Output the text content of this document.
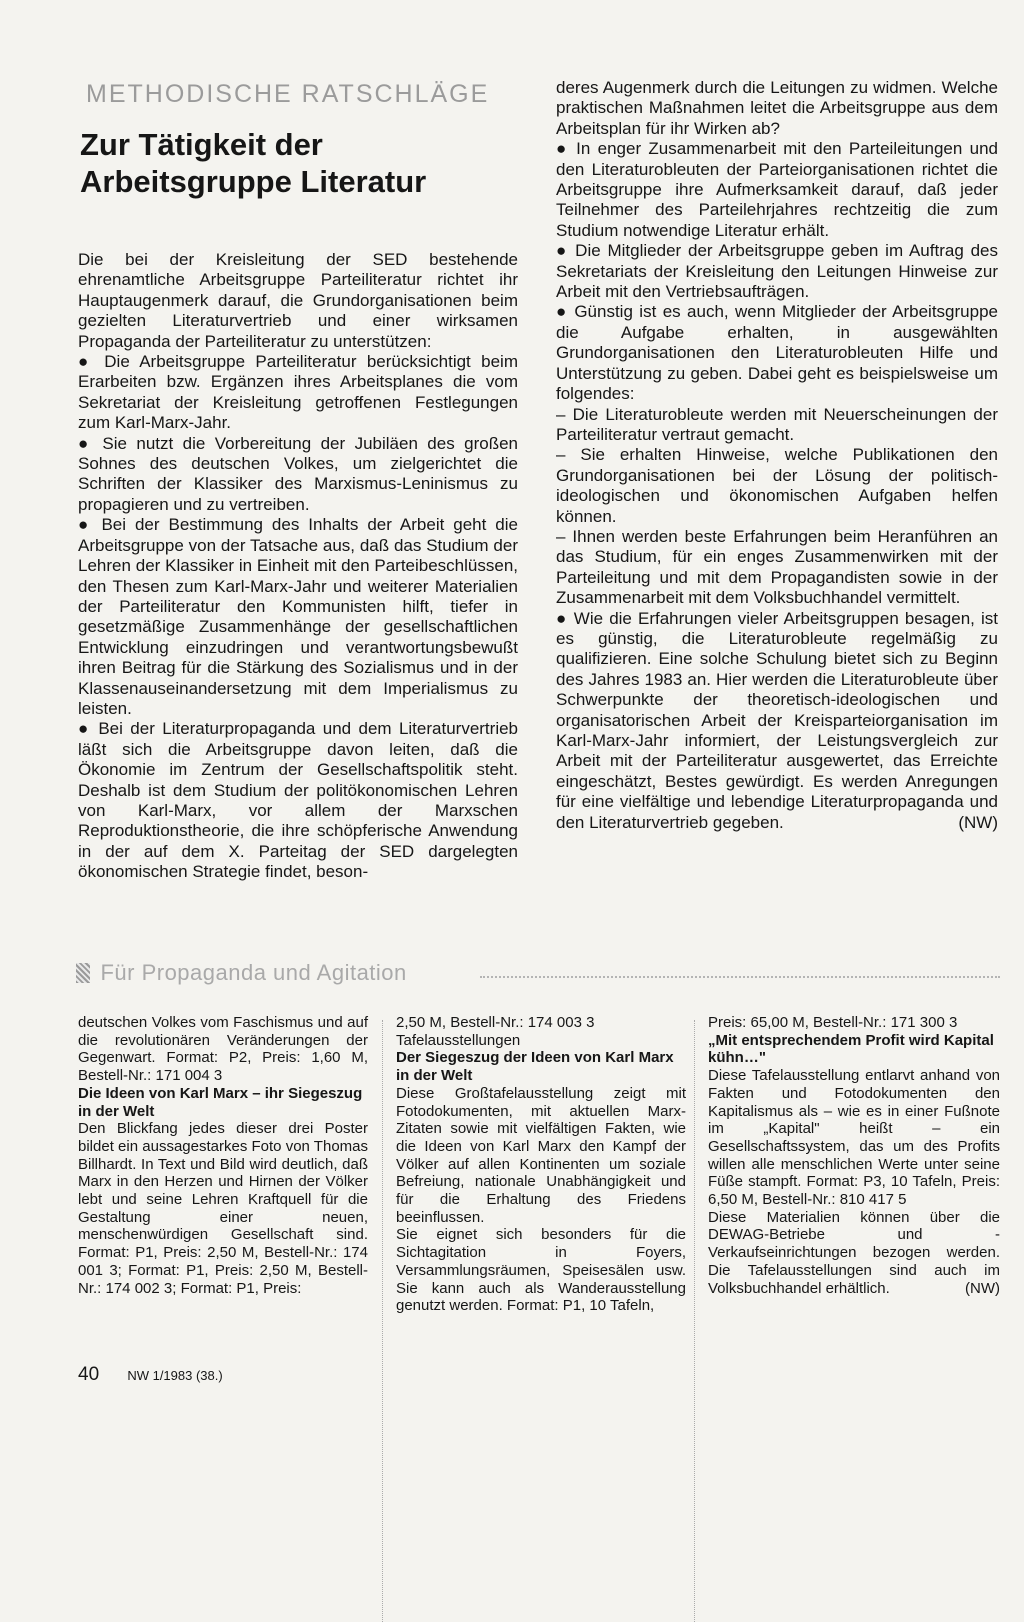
METHODISCHE RATSCHLÄGE
Zur Tätigkeit der
Arbeitsgruppe Literatur

Die bei der Kreisleitung der SED bestehende ehrenamtliche Arbeitsgruppe Parteiliteratur richtet ihr Hauptaugenmerk darauf, die Grundorganisationen beim gezielten Literaturvertrieb und einer wirksamen Propaganda der Parteiliteratur zu unterstützen:

● Die Arbeitsgruppe Parteiliteratur berücksichtigt beim Erarbeiten bzw. Ergänzen ihres Arbeitsplanes die vom Sekretariat der Kreisleitung getroffenen Festlegungen zum Karl-Marx-Jahr.

● Sie nutzt die Vorbereitung der Jubiläen des großen Sohnes des deutschen Volkes, um zielgerichtet die Schriften der Klassiker des Marxismus-Leninismus zu propagieren und zu vertreiben.

● Bei der Bestimmung des Inhalts der Arbeit geht die Arbeitsgruppe von der Tatsache aus, daß das Studium der Lehren der Klassiker in Einheit mit den Parteibeschlüssen, den Thesen zum Karl-Marx-Jahr und weiterer Materialien der Parteiliteratur den Kommunisten hilft, tiefer in gesetzmäßige Zusammenhänge der gesellschaftlichen Entwicklung einzudringen und verantwortungsbewußt ihren Beitrag für die Stärkung des Sozialismus und in der Klassenauseinandersetzung mit dem Imperialismus zu leisten.

● Bei der Literaturpropaganda und dem Literaturvertrieb läßt sich die Arbeitsgruppe davon leiten, daß die Ökonomie im Zentrum der Gesellschaftspolitik steht. Deshalb ist dem Studium der politökonomischen Lehren von Karl-Marx, vor allem der Marxschen Reproduktionstheorie, die ihre schöpferische Anwendung in der auf dem X. Parteitag der SED dargelegten ökonomischen Strategie findet, beson-

deres Augenmerk durch die Leitungen zu widmen. Welche praktischen Maßnahmen leitet die Arbeitsgruppe aus dem Arbeitsplan für ihr Wirken ab?

● In enger Zusammenarbeit mit den Parteileitungen und den Literaturobleuten der Parteiorganisationen richtet die Arbeitsgruppe ihre Aufmerksamkeit darauf, daß jeder Teilnehmer des Parteilehrjahres rechtzeitig die zum Studium notwendige Literatur erhält.

● Die Mitglieder der Arbeitsgruppe geben im Auftrag des Sekretariats der Kreisleitung den Leitungen Hinweise zur Arbeit mit den Vertriebsaufträgen.

● Günstig ist es auch, wenn Mitglieder der Arbeitsgruppe die Aufgabe erhalten, in ausgewählten Grundorganisationen den Literaturobleuten Hilfe und Unterstützung zu geben. Dabei geht es beispielsweise um folgendes:

– Die Literaturobleute werden mit Neuerscheinungen der Parteiliteratur vertraut gemacht.

– Sie erhalten Hinweise, welche Publikationen den Grundorganisationen bei der Lösung der politisch-ideologischen und ökonomischen Aufgaben helfen können.

– Ihnen werden beste Erfahrungen beim Heranführen an das Studium, für ein enges Zusammenwirken mit der Parteileitung und mit dem Propagandisten sowie in der Zusammenarbeit mit dem Volksbuchhandel vermittelt.

● Wie die Erfahrungen vieler Arbeitsgruppen besagen, ist es günstig, die Literaturobleute regelmäßig zu qualifizieren. Eine solche Schulung bietet sich zu Beginn des Jahres 1983 an. Hier werden die Literaturobleute über Schwerpunkte der theoretisch-ideologischen und organisatorischen Arbeit der Kreisparteiorganisation im Karl-Marx-Jahr informiert, der Leistungsvergleich zur Arbeit mit der Parteiliteratur ausgewertet, das Erreichte eingeschätzt, Bestes gewürdigt. Es werden Anregungen für eine vielfältige und lebendige Literaturpropaganda und den Literaturvertrieb gegeben.	(NW)

Für Propaganda und Agitation

deutschen Volkes vom Faschismus und auf die revolutionären Veränderungen der Gegenwart. Format: P2, Preis: 1,60 M, Bestell-Nr.: 171 004 3

Die Ideen von Karl Marx – ihr Siegeszug in der Welt

Den Blickfang jedes dieser drei Poster bildet ein aussagestarkes Foto von Thomas Billhardt. In Text und Bild wird deutlich, daß Marx in den Herzen und Hirnen der Völker lebt und seine Lehren Kraftquell für die Gestaltung einer neuen, menschenwürdigen Gesellschaft sind. Format: P1, Preis: 2,50 M, Bestell-Nr.: 174 001 3; Format: P1, Preis: 2,50 M, Bestell-Nr.: 174 002 3; Format: P1, Preis:

2,50 M, Bestell-Nr.: 174 003 3

Tafelausstellungen

Der Siegeszug der Ideen von Karl Marx in der Welt

Diese Großtafelausstellung zeigt mit Fotodokumenten, mit aktuellen Marx-Zitaten sowie mit vielfältigen Fakten, wie die Ideen von Karl Marx den Kampf der Völker auf allen Kontinenten um soziale Befreiung, nationale Unabhängigkeit und für die Erhaltung des Friedens beeinflussen.

Sie eignet sich besonders für die Sichtagitation in Foyers, Versammlungsräumen, Speisesälen usw. Sie kann auch als Wanderausstellung genutzt werden. Format: P1, 10 Tafeln,

Preis: 65,00 M, Bestell-Nr.: 171 300 3

„Mit entsprechendem Profit wird Kapital kühn…"

Diese Tafelausstellung entlarvt anhand von Fakten und Fotodokumenten den Kapitalismus als – wie es in einer Fußnote im „Kapital" heißt – ein Gesellschaftssystem, das um des Profits willen alle menschlichen Werte unter seine Füße stampft. Format: P3, 10 Tafeln, Preis: 6,50 M, Bestell-Nr.: 810 417 5

Diese Materialien können über die DEWAG-Betriebe und -Verkaufseinrichtungen bezogen werden. Die Tafelausstellungen sind auch im Volksbuchhandel erhältlich.	(NW)

40 NW 1/1983 (38.)
